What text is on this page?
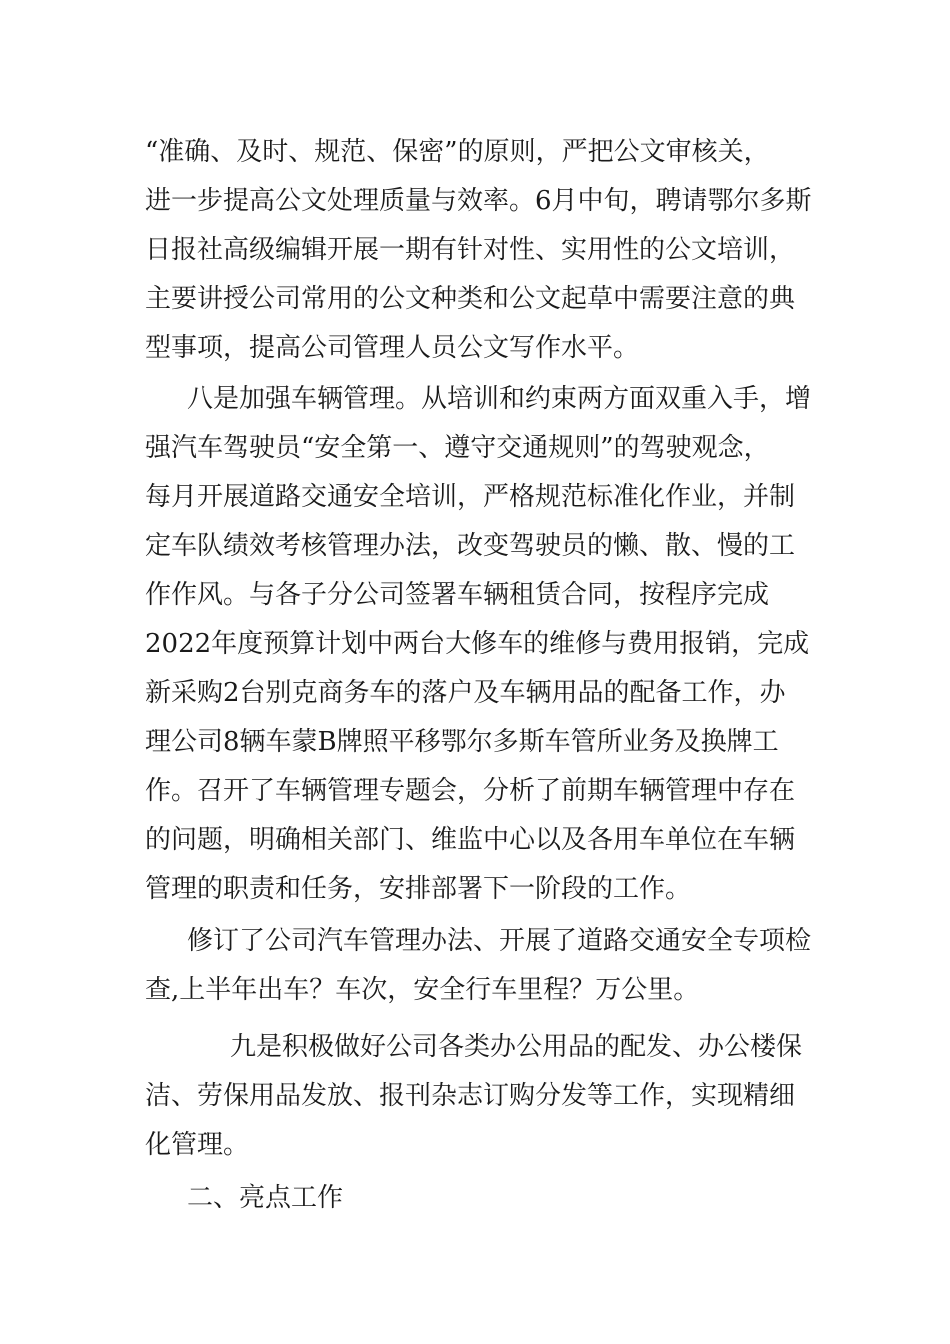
“准确、及时、规范、保密”的原则，严把公文审核关，
进一步提高公文处理质量与效率。6月中旬，聘请鄂尔多斯
日报社高级编辑开展一期有针对性、实用性的公文培训，
主要讲授公司常用的公文种类和公文起草中需要注意的典
型事项，提高公司管理人员公文写作水平。
八是加强车辆管理。从培训和约束两方面双重入手，增
强汽车驾驶员“安全第一、遵守交通规则”的驾驶观念，
每月开展道路交通安全培训，严格规范标准化作业，并制
定车队绩效考核管理办法，改变驾驶员的懒、散、慢的工
作作风。与各子分公司签署车辆租赁合同，按程序完成
2022年度预算计划中两台大修车的维修与费用报销，完成
新采购2台别克商务车的落户及车辆用品的配备工作，办
理公司8辆车蒙B牌照平移鄂尔多斯车管所业务及换牌工
作。召开了车辆管理专题会，分析了前期车辆管理中存在
的问题，明确相关部门、维监中心以及各用车单位在车辆
管理的职责和任务，安排部署下一阶段的工作。
修订了公司汽车管理办法、开展了道路交通安全专项检
查,上半年出车？车次，安全行车里程？万公里。
九是积极做好公司各类办公用品的配发、办公楼保
洁、劳保用品发放、报刊杂志订购分发等工作，实现精细
化管理。
二、亮点工作
